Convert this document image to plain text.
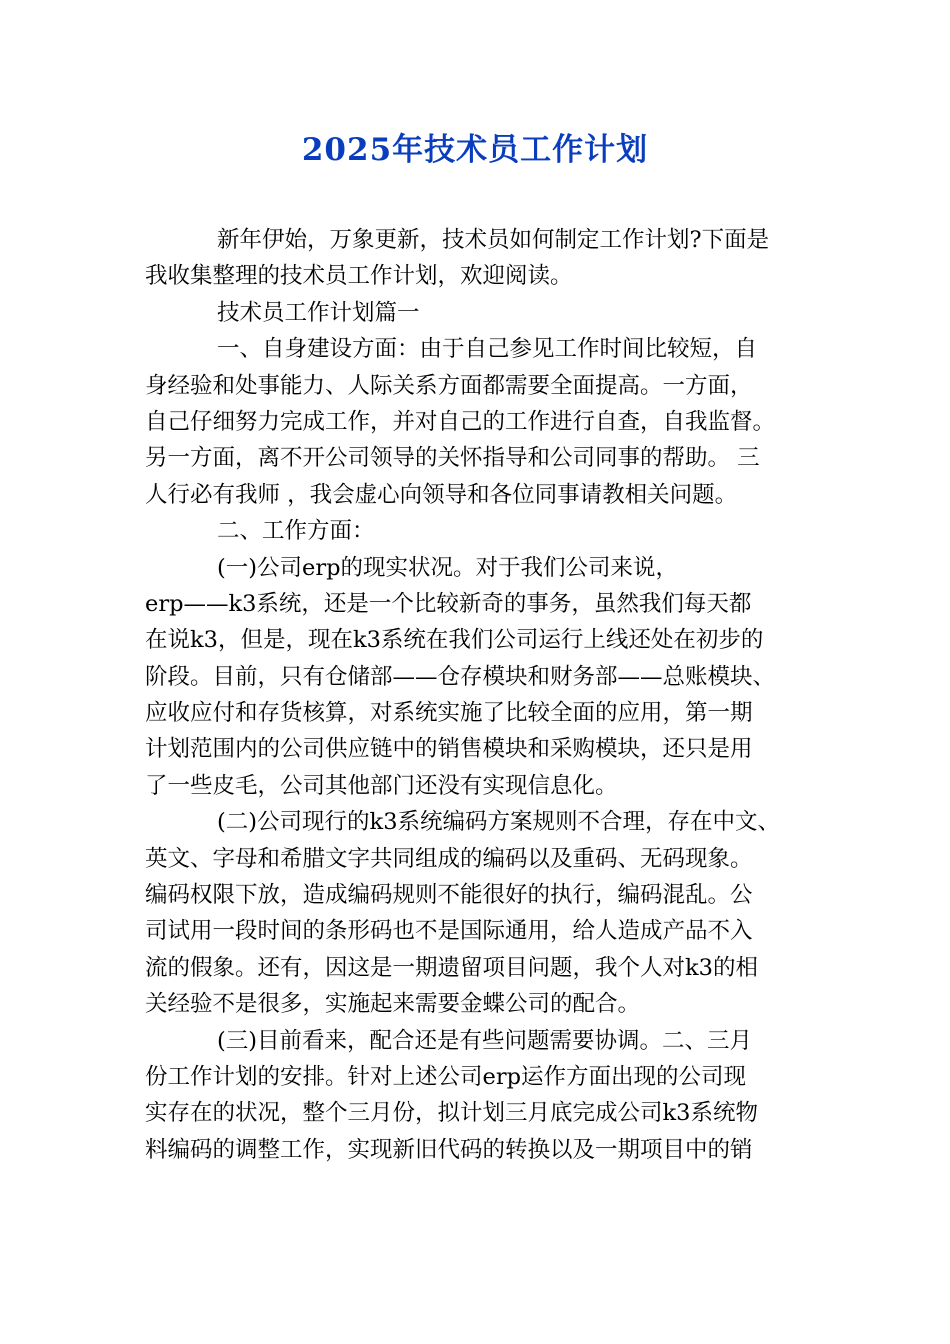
2025年技术员工作计划
新年伊始，万象更新，技术员如何制定工作计划?下面是
我收集整理的技术员工作计划，欢迎阅读。
技术员工作计划篇一
一、自身建设方面：由于自己参见工作时间比较短，自
身经验和处事能力、人际关系方面都需要全面提高。一方面，
自己仔细努力完成工作，并对自己的工作进行自查，自我监督。
另一方面，离不开公司领导的关怀指导和公司同事的帮助。 三
人行必有我师 ，我会虚心向领导和各位同事请教相关问题。
二、工作方面：
(一)公司erp的现实状况。对于我们公司来说，
erp——k3系统，还是一个比较新奇的事务，虽然我们每天都
在说k3，但是，现在k3系统在我们公司运行上线还处在初步的
阶段。目前，只有仓储部——仓存模块和财务部——总账模块、
应收应付和存货核算，对系统实施了比较全面的应用，第一期
计划范围内的公司供应链中的销售模块和采购模块，还只是用
了一些皮毛，公司其他部门还没有实现信息化。
(二)公司现行的k3系统编码方案规则不合理，存在中文、
英文、字母和希腊文字共同组成的编码以及重码、无码现象。
编码权限下放，造成编码规则不能很好的执行，编码混乱。公
司试用一段时间的条形码也不是国际通用，给人造成产品不入
流的假象。还有，因这是一期遗留项目问题，我个人对k3的相
关经验不是很多，实施起来需要金蝶公司的配合。
(三)目前看来，配合还是有些问题需要协调。二、三月
份工作计划的安排。针对上述公司erp运作方面出现的公司现
实存在的状况，整个三月份，拟计划三月底完成公司k3系统物
料编码的调整工作，实现新旧代码的转换以及一期项目中的销
